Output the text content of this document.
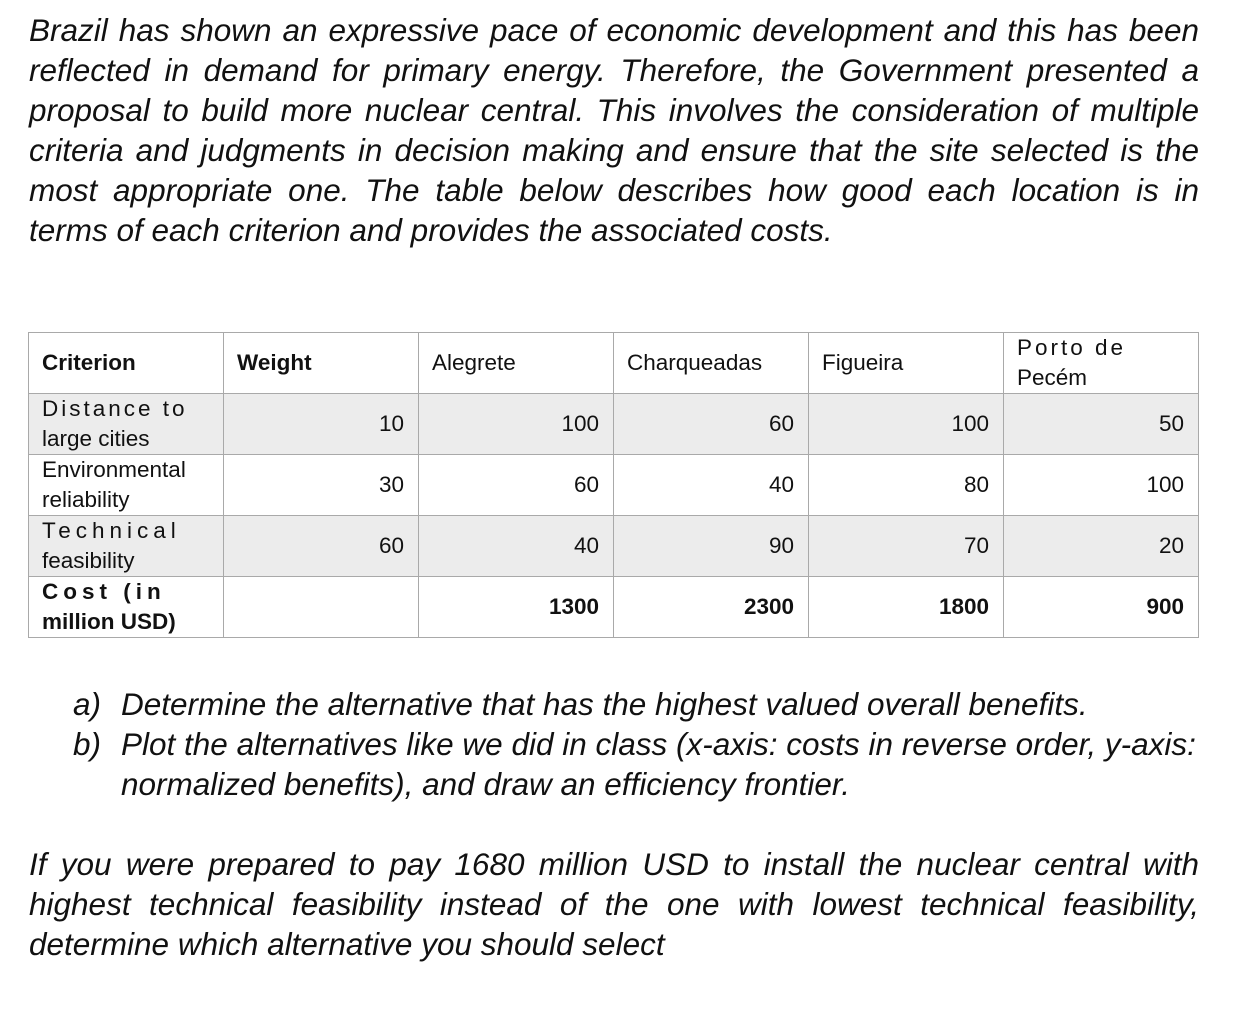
Brazil has shown an expressive pace of economic development and this has been reflected in demand for primary energy. Therefore, the Government presented a proposal to build more nuclear central. This involves the consideration of multiple criteria and judgments in decision making and ensure that the site selected is the most appropriate one. The table below describes how good each location is in terms of each criterion and provides the associated costs.

Criterion	Weight	Alegrete	Charqueadas	Figueira	Porto de
Pecém

Distance to
large cities	10	100	60	100	50

Environmental
reliability	30	60	40	80	100

Technical
feasibility	60	40	90	70	20

Cost (in
million USD)		1300	2300	1800	900
a) Determine the alternative that has the highest valued overall benefits.
b) Plot the alternatives like we did in class (x-axis: costs in reverse order, y-axis: normalized benefits), and draw an efficiency frontier.

If you were prepared to pay 1680 million USD to install the nuclear central with highest technical feasibility instead of the one with lowest technical feasibility, determine which alternative you should select
